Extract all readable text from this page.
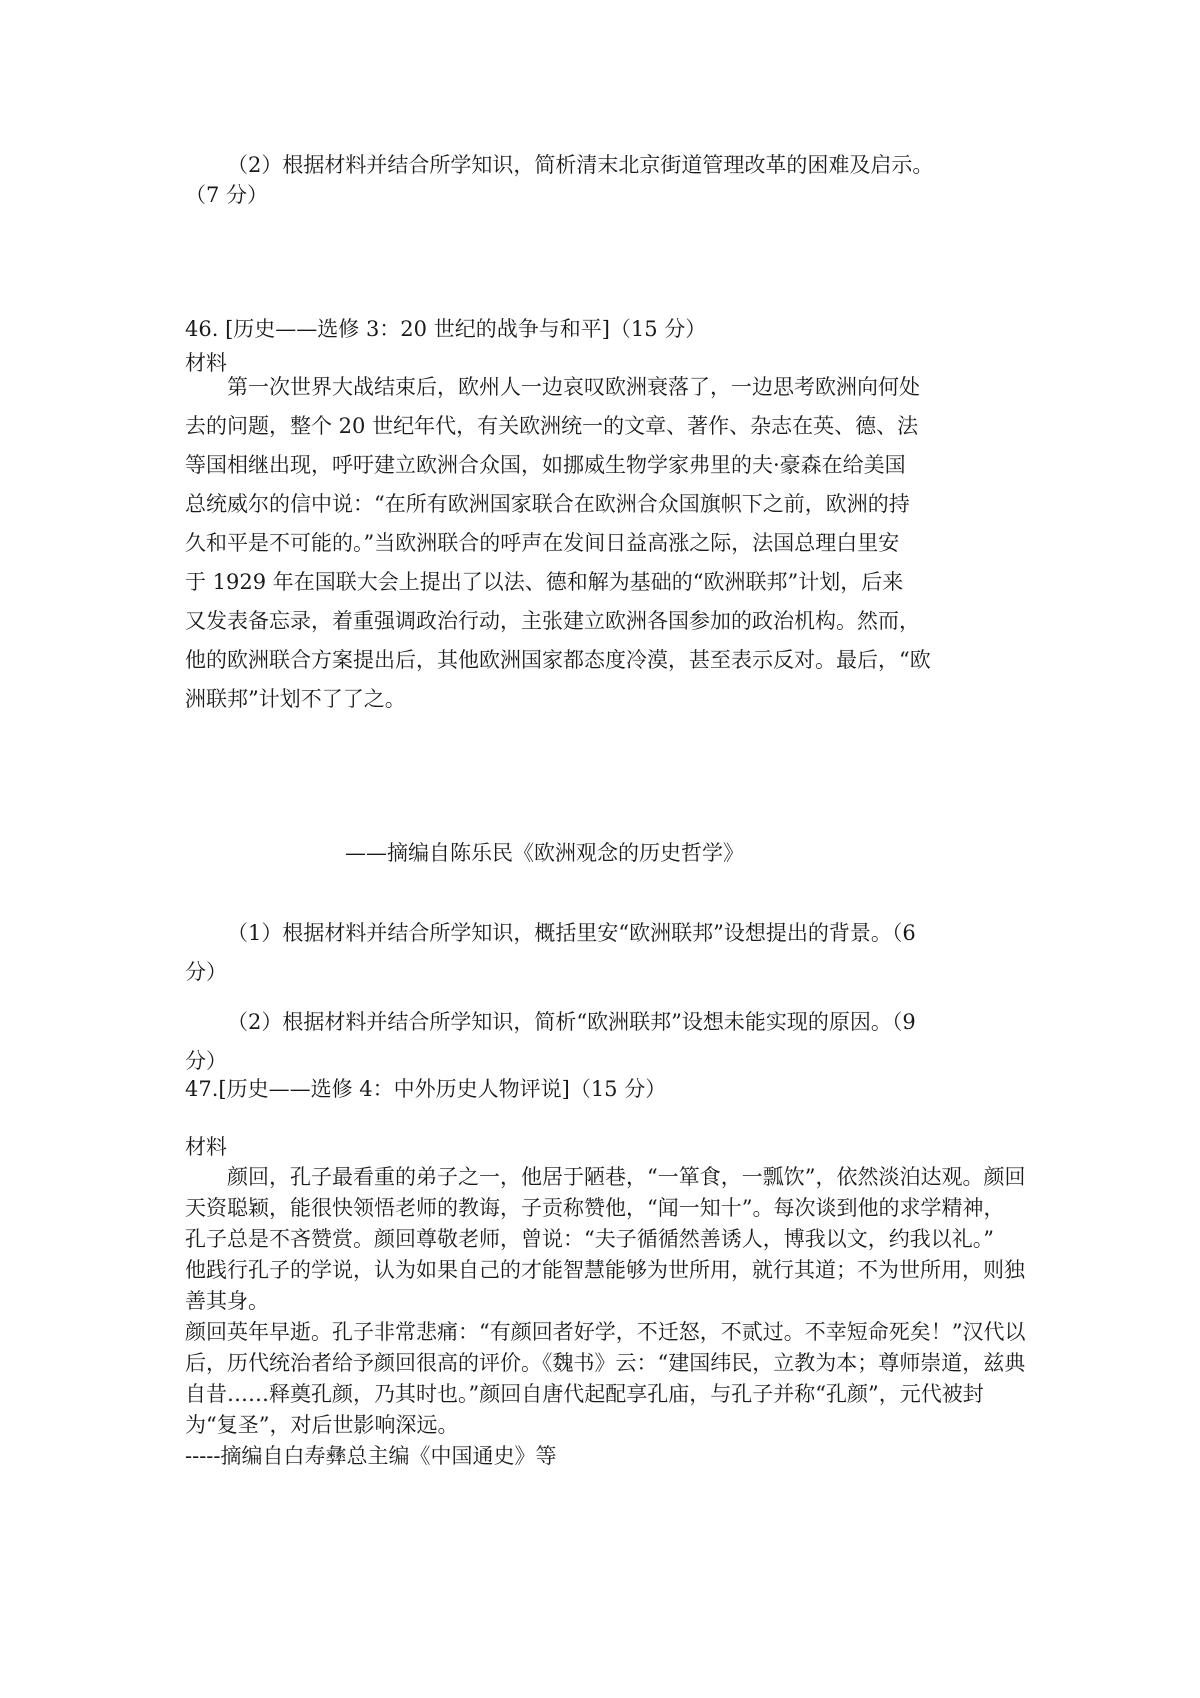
（2）根据材料并结合所学知识，简析清末北京街道管理改革的困难及启示。
（7 分）
46. [历史——选修 3：20 世纪的战争与和平]（15 分）
材料
第一次世界大战结束后，欧州人一边哀叹欧洲衰落了，一边思考欧洲向何处
去的问题，整个 20 世纪年代，有关欧洲统一的文章、著作、杂志在英、德、法
等国相继出现，呼吁建立欧洲合众国，如挪威生物学家弗里的夫·豪森在给美国
总统威尔的信中说：“在所有欧洲国家联合在欧洲合众国旗帜下之前，欧洲的持
久和平是不可能的。”当欧洲联合的呼声在发间日益高涨之际，法国总理白里安
于 1929 年在国联大会上提出了以法、德和解为基础的“欧洲联邦”计划，后来
又发表备忘录，着重强调政治行动，主张建立欧洲各国参加的政治机构。然而，
他的欧洲联合方案提出后，其他欧洲国家都态度冷漠，甚至表示反对。最后，“欧
洲联邦”计划不了了之。
——摘编自陈乐民《欧洲观念的历史哲学》
（1）根据材料并结合所学知识，概括里安“欧洲联邦”设想提出的背景。（6
分）
（2）根据材料并结合所学知识，简析“欧洲联邦”设想未能实现的原因。（9
分）
47.[历史——选修 4：中外历史人物评说]（15 分）
材料
颜回，孔子最看重的弟子之一，他居于陋巷，“一箪食，一瓢饮”，依然淡泊达观。颜回天资聪颖，能很快领悟老师的教诲，子贡称赞他，“闻一知十”。每次谈到他的求学精神，
孔子总是不吝赞赏。颜回尊敬老师，曾说：“夫子循循然善诱人，博我以文，约我以礼。”
他践行孔子的学说，认为如果自己的才能智慧能够为世所用，就行其道；不为世所用，则独善其身。
颜回英年早逝。孔子非常悲痛：“有颜回者好学，不迁怒，不贰过。不幸短命死矣！”汉代以后，历代统治者给予颜回很高的评价。《魏书》云：“建国纬民，立教为本；尊师崇道，兹典自昔……释奠孔颜，乃其时也。”颜回自唐代起配享孔庙，与孔子并称“孔颜”，元代被封为“复圣”，对后世影响深远。
-----摘编自白寿彝总主编《中国通史》等
